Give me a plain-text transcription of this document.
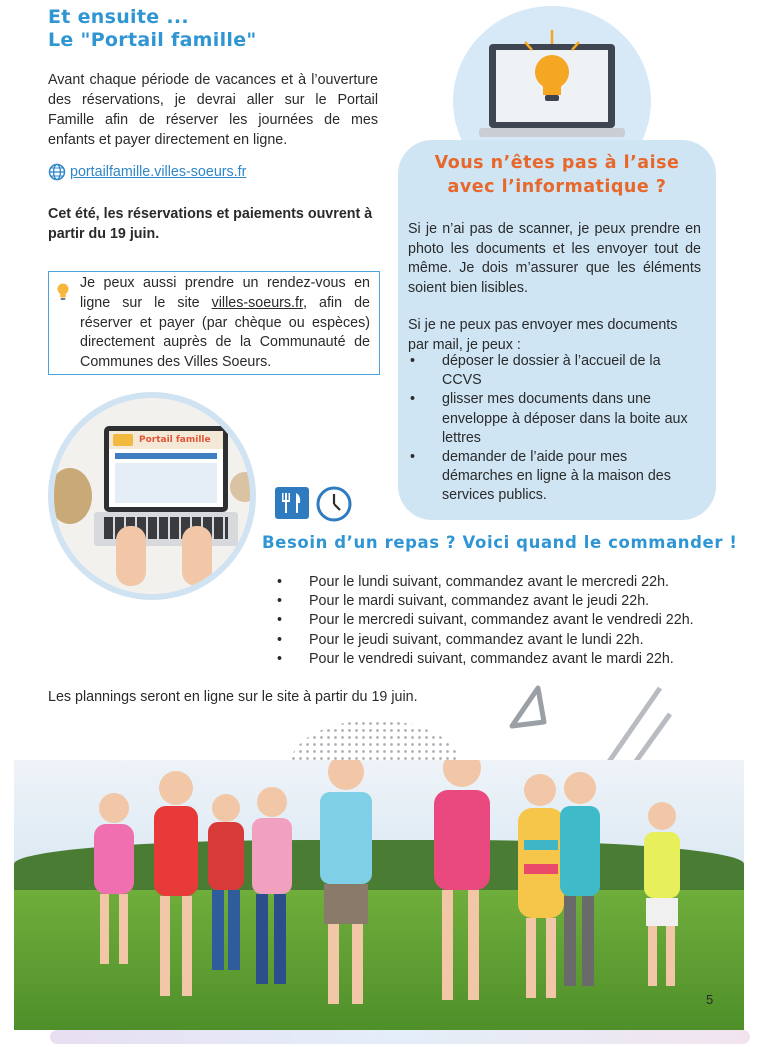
Et ensuite ...
Le "Portail famille"
Avant chaque période de vacances et à l’ouverture des réservations, je devrai aller sur le Portail Famille afin de réserver les journées de mes enfants et payer directement en ligne.
portailfamille.villes-soeurs.fr
Cet été, les réservations et paiements ouvrent à partir du 19 juin.
Je peux aussi prendre un rendez-vous en ligne sur le site villes-soeurs.fr, afin de réserver et payer (par chèque ou espèces) directement auprès de la Communauté de Communes des Villes Soeurs.
Vous n’êtes pas à l’aise
avec l’informatique ?
Si je n’ai pas de scanner, je peux prendre en photo les documents et les envoyer tout de même. Je dois m’assurer que les éléments soient bien lisibles.
Si je ne peux pas envoyer mes documents par mail, je peux :
• déposer le dossier à l’accueil de la CCVS
• glisser mes documents dans une enveloppe à déposer dans la boite aux lettres
• demander de l’aide pour mes démarches en ligne à la maison des services publics.
Portail famille
Besoin d’un repas ? Voici quand le commander !
• Pour le lundi suivant, commandez avant le mercredi 22h.
• Pour le mardi suivant, commandez avant le jeudi 22h.
• Pour le mercredi suivant, commandez avant le vendredi 22h.
• Pour le jeudi suivant, commandez avant le lundi 22h.
• Pour le vendredi suivant, commandez avant le mardi 22h.
Les plannings seront en ligne sur le site à partir du 19 juin.
5
